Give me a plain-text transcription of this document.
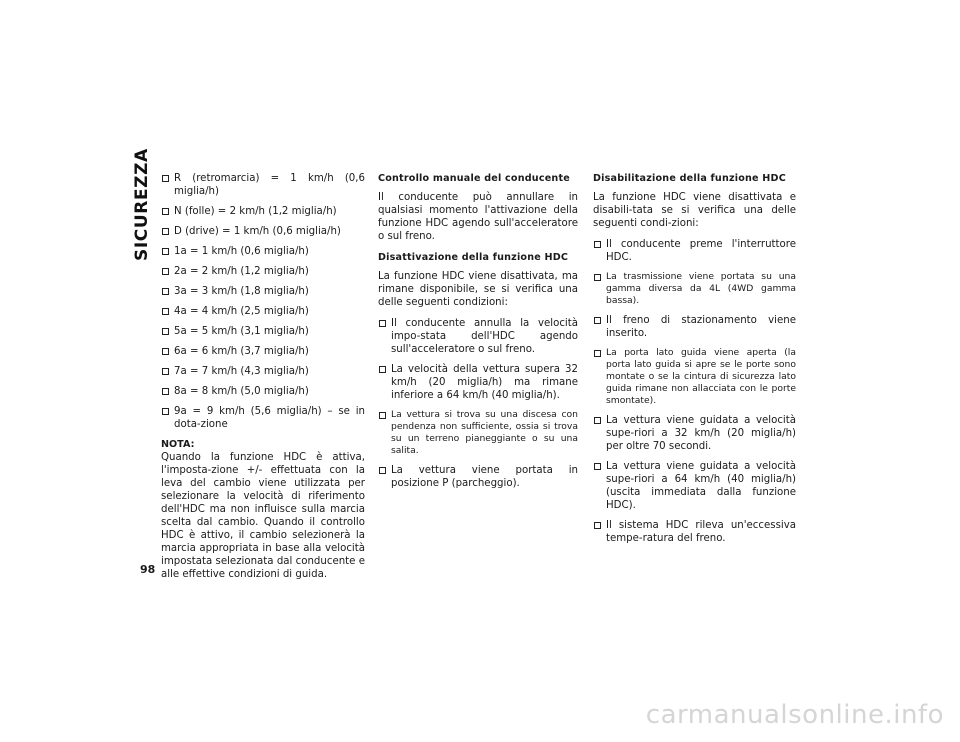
SICUREZZA
98
R (retromarcia) = 1 km/h (0,6 miglia/h)
N (folle) = 2 km/h (1,2 miglia/h)
D (drive) = 1 km/h (0,6 miglia/h)
1a = 1 km/h (0,6 miglia/h)
2a = 2 km/h (1,2 miglia/h)
3a = 3 km/h (1,8 miglia/h)
4a = 4 km/h (2,5 miglia/h)
5a = 5 km/h (3,1 miglia/h)
6a = 6 km/h (3,7 miglia/h)
7a = 7 km/h (4,3 miglia/h)
8a = 8 km/h (5,0 miglia/h)
9a = 9 km/h (5,6 miglia/h) – se in dota-zione
NOTA:
Quando la funzione HDC è attiva, l'imposta-zione +/- effettuata con la leva del cambio viene utilizzata per selezionare la velocità di riferimento dell'HDC ma non influisce sulla marcia scelta dal cambio. Quando il controllo HDC è attivo, il cambio selezionerà la marcia appropriata in base alla velocità impostata selezionata dal conducente e alle effettive condizioni di guida.
Controllo manuale del conducente
Il conducente può annullare in qualsiasi momento l'attivazione della funzione HDC agendo sull'acceleratore o sul freno.
Disattivazione della funzione HDC
La funzione HDC viene disattivata, ma rimane disponibile, se si verifica una delle seguenti condizioni:
Il conducente annulla la velocità impo-stata dell'HDC agendo sull'acceleratore o sul freno.
La velocità della vettura supera 32 km/h (20 miglia/h) ma rimane inferiore a 64 km/h (40 miglia/h).
La vettura si trova su una discesa con pendenza non sufficiente, ossia si trova su un terreno pianeggiante o su una salita.
La vettura viene portata in posizione P (parcheggio).
Disabilitazione della funzione HDC
La funzione HDC viene disattivata e disabili-tata se si verifica una delle seguenti condi-zioni:
Il conducente preme l'interruttore HDC.
La trasmissione viene portata su una gamma diversa da 4L (4WD gamma bassa).
Il freno di stazionamento viene inserito.
La porta lato guida viene aperta (la porta lato guida si apre se le porte sono montate o se la cintura di sicurezza lato guida rimane non allacciata con le porte smontate).
La vettura viene guidata a velocità supe-riori a 32 km/h (20 miglia/h) per oltre 70 secondi.
La vettura viene guidata a velocità supe-riori a 64 km/h (40 miglia/h) (uscita immediata dalla funzione HDC).
Il sistema HDC rileva un'eccessiva tempe-ratura del freno.
carmanualsonline.info
